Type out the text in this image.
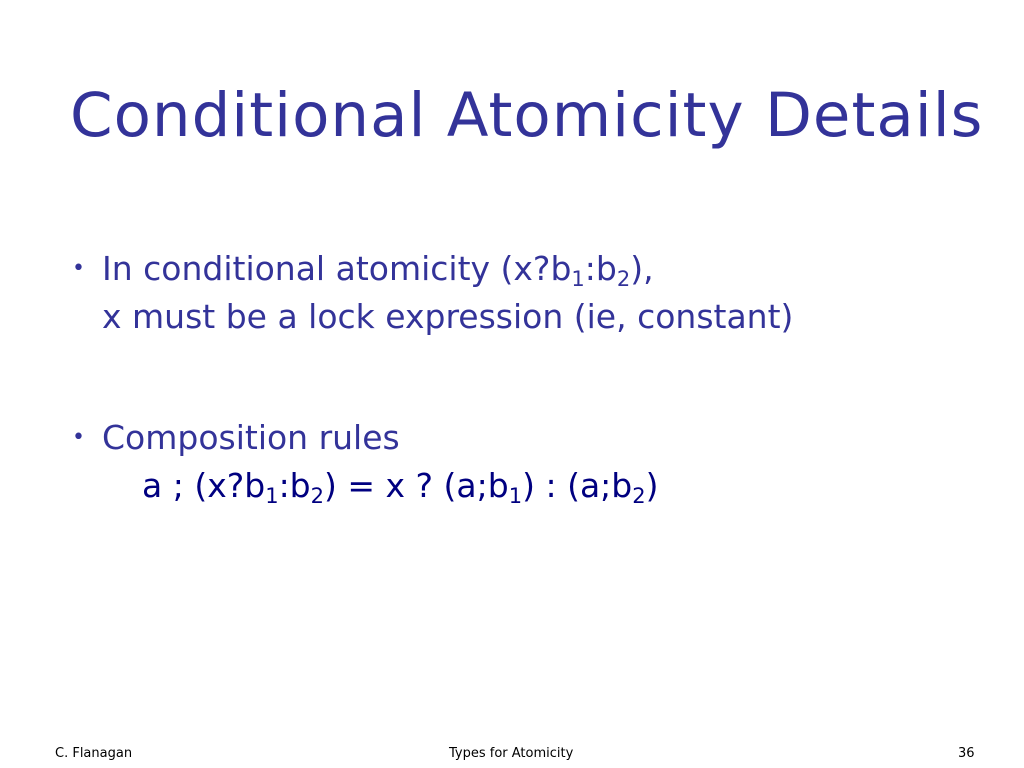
Conditional Atomicity Details
• In conditional atomicity $(x?b_1:b_2)$,
x must be a lock expression (ie, constant)
• Composition rules
a ; $(x?b_1:b_2) = x$ ? $(a;b_1)$ : $(a;b_2)$
C. Flanagan	Types for Atomicity	36
